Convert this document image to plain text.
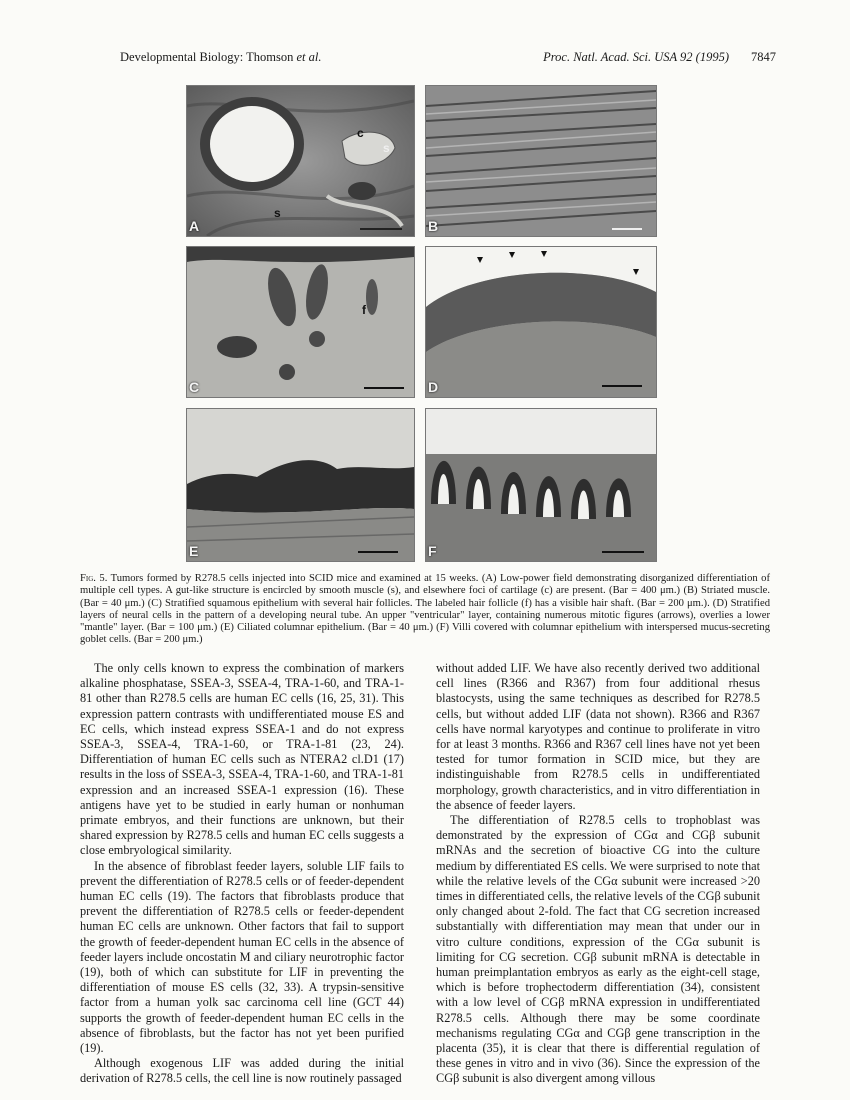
Developmental Biology: Thomson et al.	Proc. Natl. Acad. Sci. USA 92 (1995) 7847
c
s
s
A	B
f
C	D
E	F
Fig. 5. Tumors formed by R278.5 cells injected into SCID mice and examined at 15 weeks. (A) Low-power field demonstrating disorganized differentiation of multiple cell types. A gut-like structure is encircled by smooth muscle (s), and elsewhere foci of cartilage (c) are present. (Bar = 400 μm.) (B) Striated muscle. (Bar = 40 μm.) (C) Stratified squamous epithelium with several hair follicles. The labeled hair follicle (f) has a visible hair shaft. (Bar = 200 μm.). (D) Stratified layers of neural cells in the pattern of a developing neural tube. An upper "ventricular" layer, containing numerous mitotic figures (arrows), overlies a lower "mantle" layer. (Bar = 100 μm.) (E) Ciliated columnar epithelium. (Bar = 40 μm.) (F) Villi covered with columnar epithelium with interspersed mucus-secreting goblet cells. (Bar = 200 μm.)

The only cells known to express the combination of markers alkaline phosphatase, SSEA-3, SSEA-4, TRA-1-60, and TRA-1-81 other than R278.5 cells are human EC cells (16, 25, 31). This expression pattern contrasts with undifferentiated mouse ES and EC cells, which instead express SSEA-1 and do not express SSEA-3, SSEA-4, TRA-1-60, or TRA-1-81 (23, 24). Differentiation of human EC cells such as NTERA2 cl.D1 (17) results in the loss of SSEA-3, SSEA-4, TRA-1-60, and TRA-1-81 expression and an increased SSEA-1 expression (16). These antigens have yet to be studied in early human or nonhuman primate embryos, and their functions are unknown, but their shared expression by R278.5 cells and human EC cells suggests a close embryological similarity.

In the absence of fibroblast feeder layers, soluble LIF fails to prevent the differentiation of R278.5 cells or of feeder-dependent human EC cells (19). The factors that fibroblasts produce that prevent the differentiation of R278.5 cells or feeder-dependent human EC cells are unknown. Other factors that fail to support the growth of feeder-dependent human EC cells in the absence of feeder layers include oncostatin M and ciliary neurotrophic factor (19), both of which can substitute for LIF in preventing the differentiation of mouse ES cells (32, 33). A trypsin-sensitive factor from a human yolk sac carcinoma cell line (GCT 44) supports the growth of feeder-dependent human EC cells in the absence of fibroblasts, but the factor has not yet been purified (19).

Although exogenous LIF was added during the initial derivation of R278.5 cells, the cell line is now routinely passaged

without added LIF. We have also recently derived two additional cell lines (R366 and R367) from four additional rhesus blastocysts, using the same techniques as described for R278.5 cells, but without added LIF (data not shown). R366 and R367 cells have normal karyotypes and continue to proliferate in vitro for at least 3 months. R366 and R367 cell lines have not yet been tested for tumor formation in SCID mice, but they are indistinguishable from R278.5 cells in undifferentiated morphology, growth characteristics, and in vitro differentiation in the absence of feeder layers.

The differentiation of R278.5 cells to trophoblast was demonstrated by the expression of CGα and CGβ subunit mRNAs and the secretion of bioactive CG into the culture medium by differentiated ES cells. We were surprised to note that while the relative levels of the CGα subunit were increased >20 times in differentiated cells, the relative levels of the CGβ subunit only changed about 2-fold. The fact that CG secretion increased substantially with differentiation may mean that under our in vitro culture conditions, expression of the CGα subunit is limiting for CG secretion. CGβ subunit mRNA is detectable in human preimplantation embryos as early as the eight-cell stage, which is before trophectoderm differentiation (34), consistent with a low level of CGβ mRNA expression in undifferentiated R278.5 cells. Although there may be some coordinate mechanisms regulating CGα and CGβ gene transcription in the placenta (35), it is clear that there is differential regulation of these genes in vitro and in vivo (36). Since the expression of the CGβ subunit is also divergent among villous
